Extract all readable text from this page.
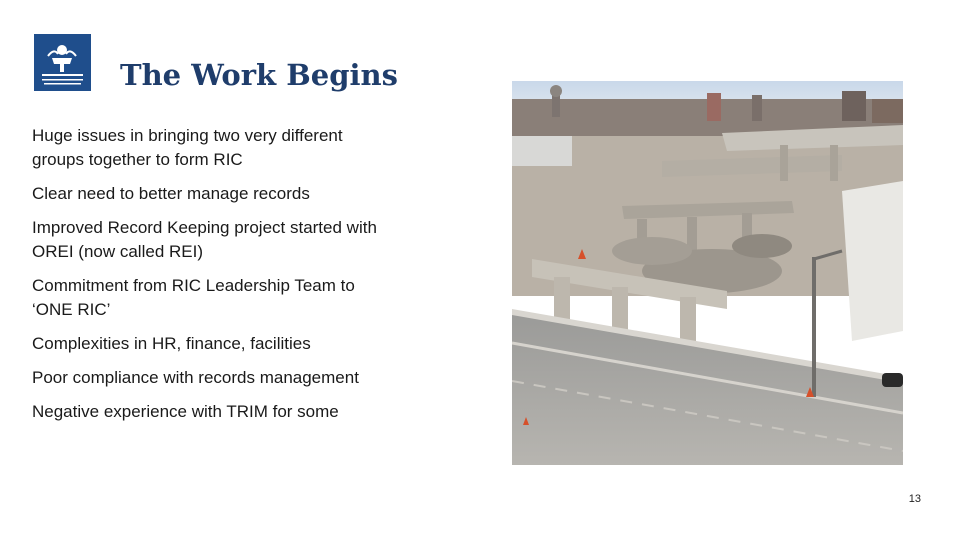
The Work Begins
Huge issues in bringing two very different groups together to form RIC
Clear need to better manage records
Improved Record Keeping project started with OREI (now called REI)
Commitment from RIC Leadership Team to ‘ONE RIC’
Complexities in HR, finance, facilities
Poor compliance with records management
Negative experience with TRIM for some
13
